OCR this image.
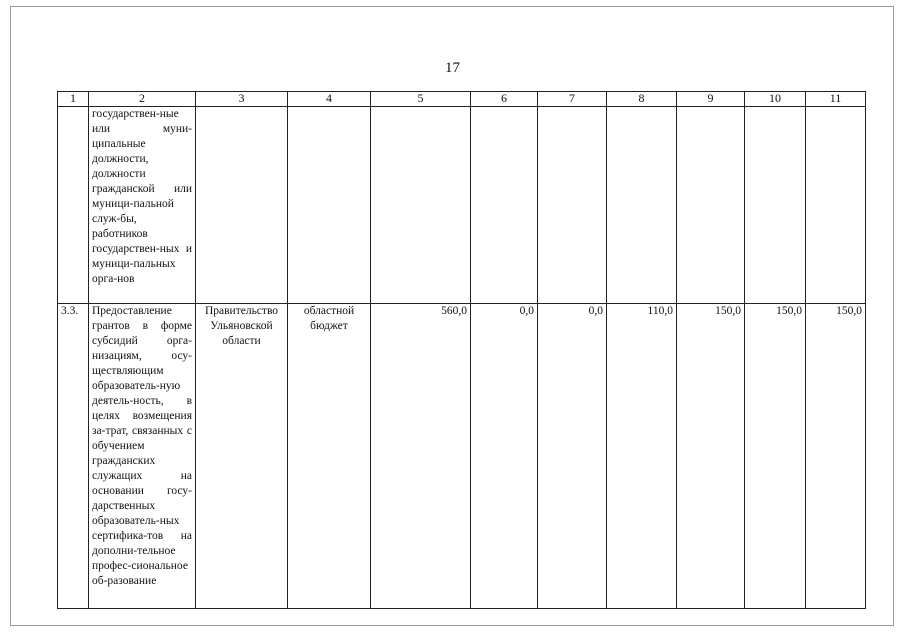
17
1	2	3	4	5	6	7	8	9	10	11
	государствен-ные или муни-ципальные должности, должности гражданской или муници-пальной служ-бы, работников государствен-ных и муници-пальных орга-нов									
3.3.	Предоставление грантов в форме субсидий орга-низациям, осу-ществляющим образователь-ную деятель-ность, в целях возмещения за-трат, связанных с обучением гражданских служащих на основании госу-дарственных образователь-ных сертифика-тов на дополни-тельное профес-сиональное об-разование	Правительство Ульяновской области	областной бюджет	560,0	0,0	0,0	110,0	150,0	150,0	150,0
